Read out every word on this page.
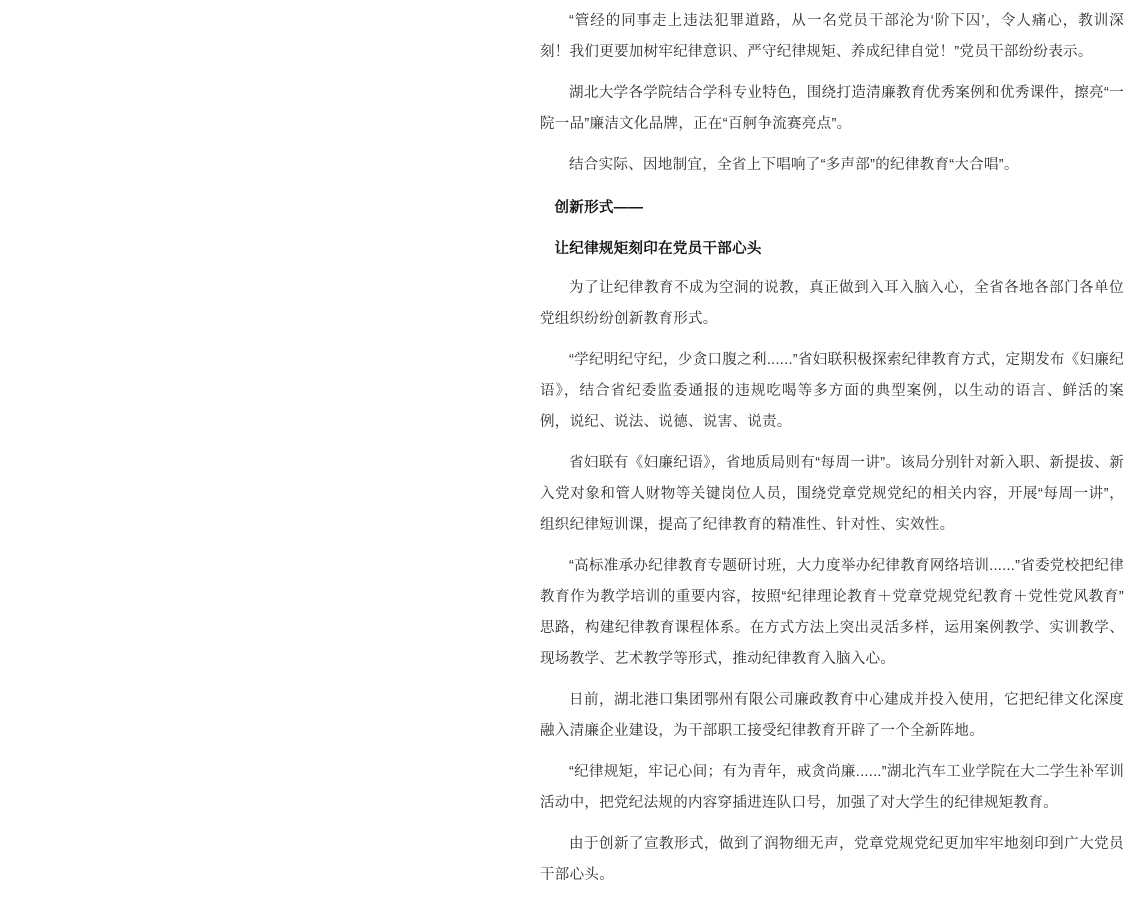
“管经的同事走上违法犯罪道路，从一名党员干部沦为‘阶下囚’，令人痛心，教训深刻！我们更要加树牢纪律意识、严守纪律规矩、养成纪律自觉！”党员干部纷纷表示。
湖北大学各学院结合学科专业特色，围绕打造清廉教育优秀案例和优秀课件，擦亮“一院一品”廉洁文化品牌，正在“百舸争流赛亮点”。
结合实际、因地制宜，全省上下唱响了“多声部”的纪律教育“大合唱”。
创新形式——
让纪律规矩刻印在党员干部心头
为了让纪律教育不成为空洞的说教，真正做到入耳入脑入心，全省各地各部门各单位党组织纷纷创新教育形式。
“学纪明纪守纪，少贪口腹之利......”省妇联积极探索纪律教育方式，定期发布《妇廉纪语》，结合省纪委监委通报的违规吃喝等多方面的典型案例，以生动的语言、鲜活的案例，说纪、说法、说德、说害、说责。
省妇联有《妇廉纪语》，省地质局则有“每周一讲”。该局分别针对新入职、新提拔、新入党对象和管人财物等关键岗位人员，围绕党章党规党纪的相关内容，开展“每周一讲”，组织纪律短训课，提高了纪律教育的精准性、针对性、实效性。
“高标准承办纪律教育专题研讨班，大力度举办纪律教育网络培训......”省委党校把纪律教育作为教学培训的重要内容，按照“纪律理论教育＋党章党规党纪教育＋党性党风教育”思路，构建纪律教育课程体系。在方式方法上突出灵活多样，运用案例教学、实训教学、现场教学、艺术教学等形式，推动纪律教育入脑入心。
日前，湖北港口集团鄂州有限公司廉政教育中心建成并投入使用，它把纪律文化深度融入清廉企业建设，为干部职工接受纪律教育开辟了一个全新阵地。
“纪律规矩，牢记心间；有为青年，戒贪尚廉......”湖北汽车工业学院在大二学生补军训活动中，把党纪法规的内容穿插进连队口号，加强了对大学生的纪律规矩教育。
由于创新了宣教形式，做到了润物细无声，党章党规党纪更加牢牢地刻印到广大党员干部心头。
